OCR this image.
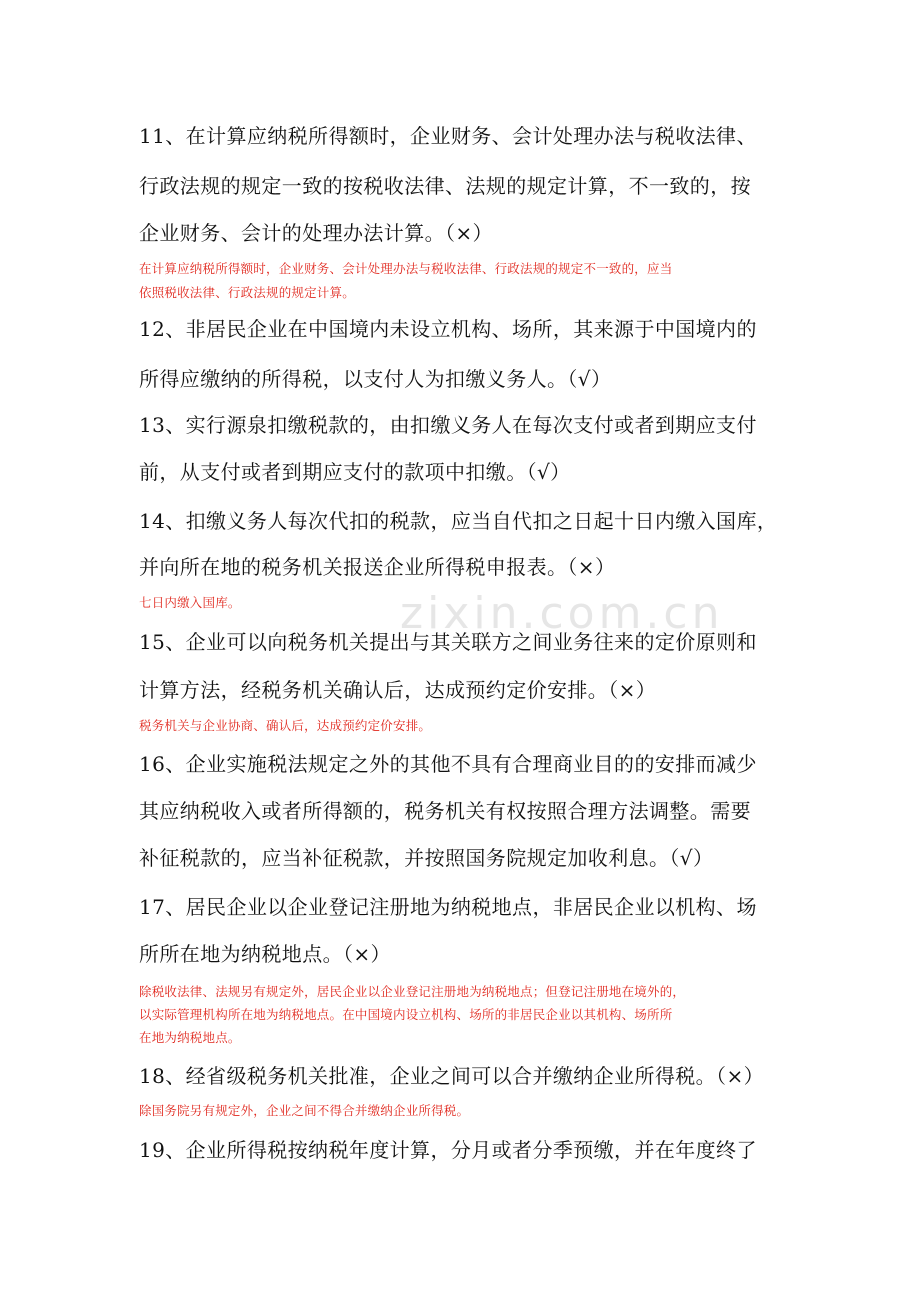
zixin.com.cn
11、在计算应纳税所得额时，企业财务、会计处理办法与税收法律、
行政法规的规定一致的按税收法律、法规的规定计算，不一致的，按
企业财务、会计的处理办法计算。（×）
在计算应纳税所得额时，企业财务、会计处理办法与税收法律、行政法规的规定不一致的，应当
依照税收法律、行政法规的规定计算。
12、非居民企业在中国境内未设立机构、场所，其来源于中国境内的
所得应缴纳的所得税，以支付人为扣缴义务人。（√）
13、实行源泉扣缴税款的，由扣缴义务人在每次支付或者到期应支付
前，从支付或者到期应支付的款项中扣缴。（√）
14、扣缴义务人每次代扣的税款，应当自代扣之日起十日内缴入国库，
并向所在地的税务机关报送企业所得税申报表。（×）
七日内缴入国库。
15、企业可以向税务机关提出与其关联方之间业务往来的定价原则和
计算方法，经税务机关确认后，达成预约定价安排。（×）
税务机关与企业协商、确认后，达成预约定价安排。
16、企业实施税法规定之外的其他不具有合理商业目的的安排而减少
其应纳税收入或者所得额的，税务机关有权按照合理方法调整。需要
补征税款的，应当补征税款，并按照国务院规定加收利息。（√）
17、居民企业以企业登记注册地为纳税地点，非居民企业以机构、场
所所在地为纳税地点。（×）
除税收法律、法规另有规定外，居民企业以企业登记注册地为纳税地点；但登记注册地在境外的，
以实际管理机构所在地为纳税地点。在中国境内设立机构、场所的非居民企业以其机构、场所所
在地为纳税地点。
18、经省级税务机关批准，企业之间可以合并缴纳企业所得税。（×）
除国务院另有规定外，企业之间不得合并缴纳企业所得税。
19、企业所得税按纳税年度计算，分月或者分季预缴，并在年度终了
